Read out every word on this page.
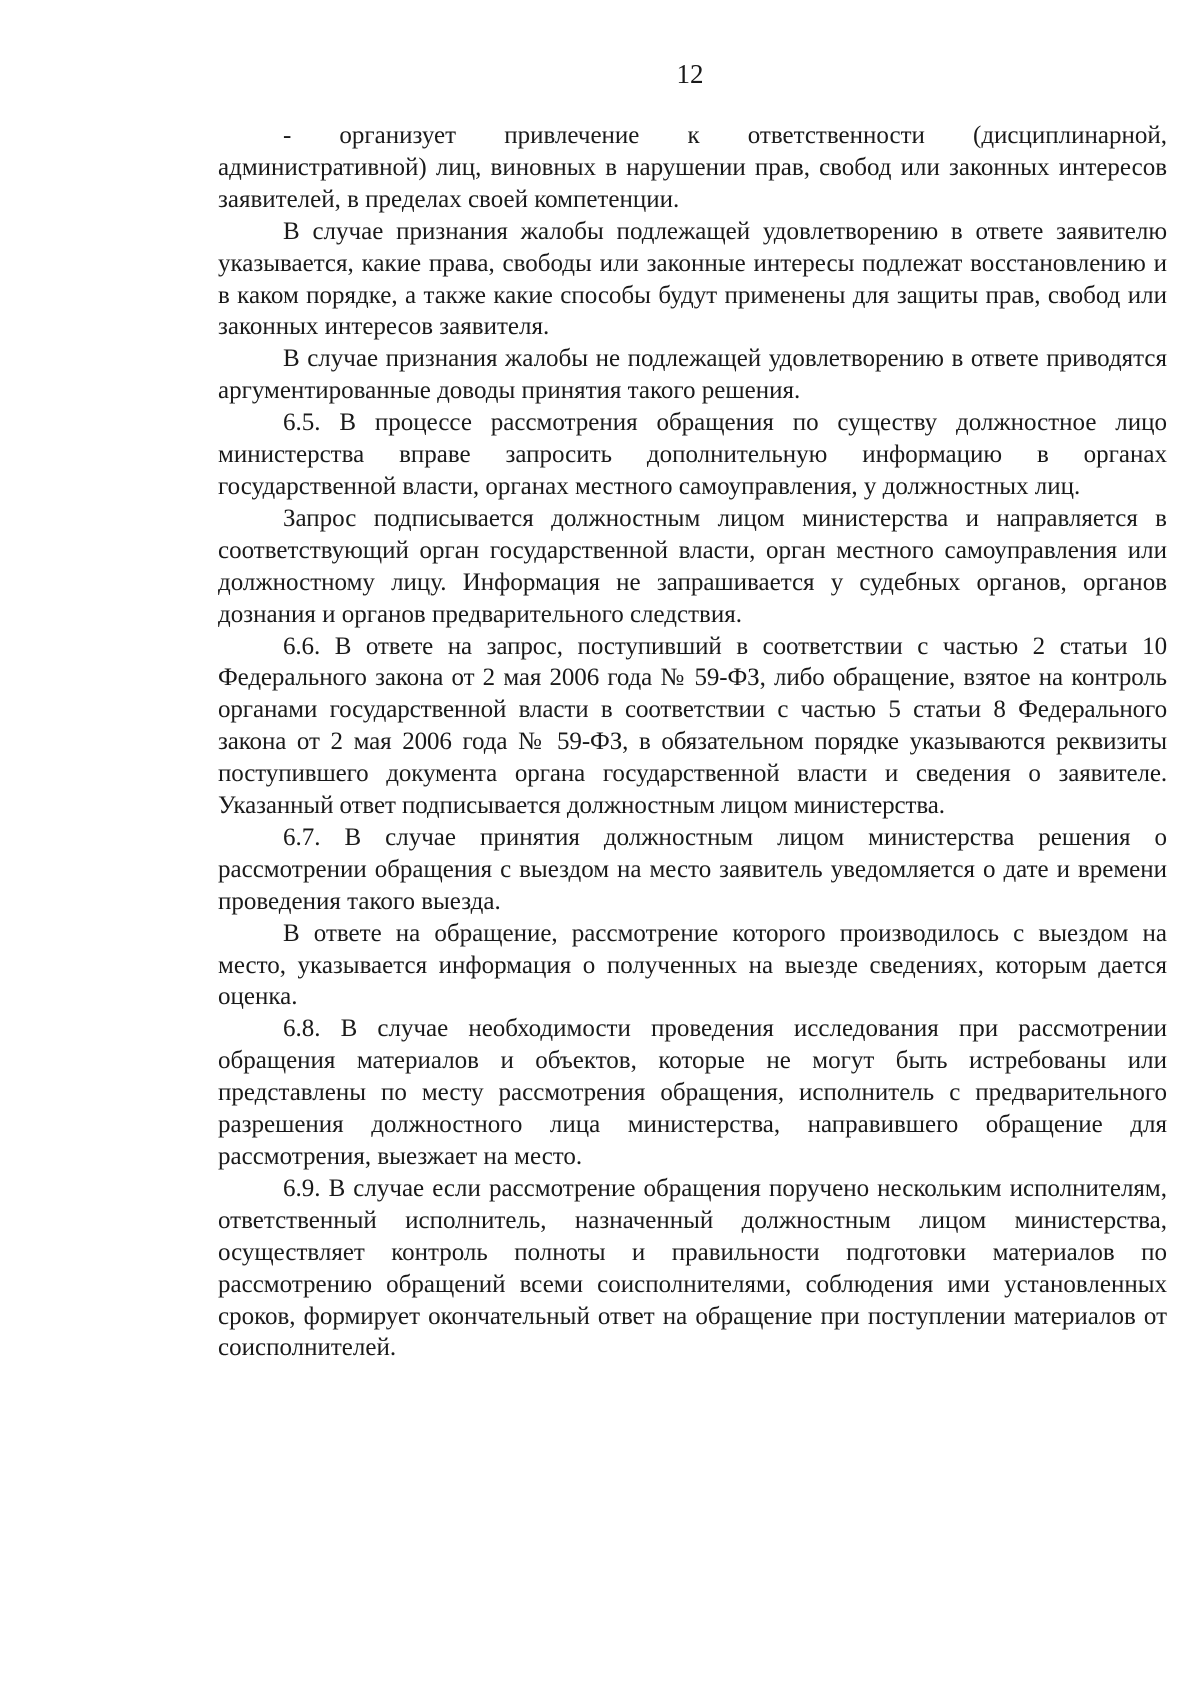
12

- организует привлечение к ответственности (дисциплинарной, административной) лиц, виновных в нарушении прав, свобод или законных интересов заявителей, в пределах своей компетенции.

В случае признания жалобы подлежащей удовлетворению в ответе заявителю указывается, какие права, свободы или законные интересы подлежат восстановлению и в каком порядке, а также какие способы будут применены для защиты прав, свобод или законных интересов заявителя.

В случае признания жалобы не подлежащей удовлетворению в ответе приводятся аргументированные доводы принятия такого решения.

6.5. В процессе рассмотрения обращения по существу должностное лицо министерства вправе запросить дополнительную информацию в органах государственной власти, органах местного самоуправления, у должностных лиц.

Запрос подписывается должностным лицом министерства и направляется в соответствующий орган государственной власти, орган местного самоуправления или должностному лицу. Информация не запрашивается у судебных органов, органов дознания и органов предварительного следствия.

6.6. В ответе на запрос, поступивший в соответствии с частью 2 статьи 10 Федерального закона от 2 мая 2006 года № 59-ФЗ, либо обращение, взятое на контроль органами государственной власти в соответствии с частью 5 статьи 8 Федерального закона от 2 мая 2006 года № 59-ФЗ, в обязательном порядке указываются реквизиты поступившего документа органа государственной власти и сведения о заявителе. Указанный ответ подписывается должностным лицом министерства.

6.7. В случае принятия должностным лицом министерства решения о рассмотрении обращения с выездом на место заявитель уведомляется о дате и времени проведения такого выезда.

В ответе на обращение, рассмотрение которого производилось с выездом на место, указывается информация о полученных на выезде сведениях, которым дается оценка.

6.8. В случае необходимости проведения исследования при рассмотрении обращения материалов и объектов, которые не могут быть истребованы или представлены по месту рассмотрения обращения, исполнитель с предварительного разрешения должностного лица министерства, направившего обращение для рассмотрения, выезжает на место.

6.9. В случае если рассмотрение обращения поручено нескольким исполнителям, ответственный исполнитель, назначенный должностным лицом министерства, осуществляет контроль полноты и правильности подготовки материалов по рассмотрению обращений всеми соисполнителями, соблюдения ими установленных сроков, формирует окончательный ответ на обращение при поступлении материалов от соисполнителей.
